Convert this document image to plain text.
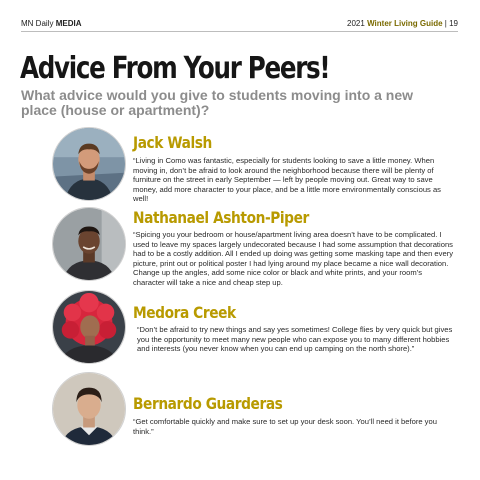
MN Daily MEDIA	2021 Winter Living Guide | 19
Advice From Your Peers!

What advice would you give to students moving into a new place (house or apartment)?

Jack Walsh

“Living in Como was fantastic, especially for students looking to save a little money. When moving in, don’t be afraid to look around the neighborhood because there will be plenty of furniture on the street in early September — left by people moving out. Great way to save money, add more character to your place, and be a little more environmentally conscious as well!

Nathanael Ashton-Piper

“Spicing you your bedroom or house/apartment living area doesn’t have to be complicated. I used to leave my spaces largely undecorated because I had some assumption that decorations had to be a costly addition. All I ended up doing was getting some masking tape and then every picture, print out or political poster I had lying around my place became a nice wall decoration. Change up the angles, add some nice color or black and white prints, and your room’s character will take a nice and cheap step up.

Medora Creek

“Don’t be afraid to try new things and say yes sometimes! College flies by very quick but gives you the opportunity to meet many new people who can expose you to many different hobbies and interests (you never know when you can end up camping on the north shore).”

Bernardo Guarderas

“Get comfortable quickly and make sure to set up your desk soon. You’ll need it before you think.”
